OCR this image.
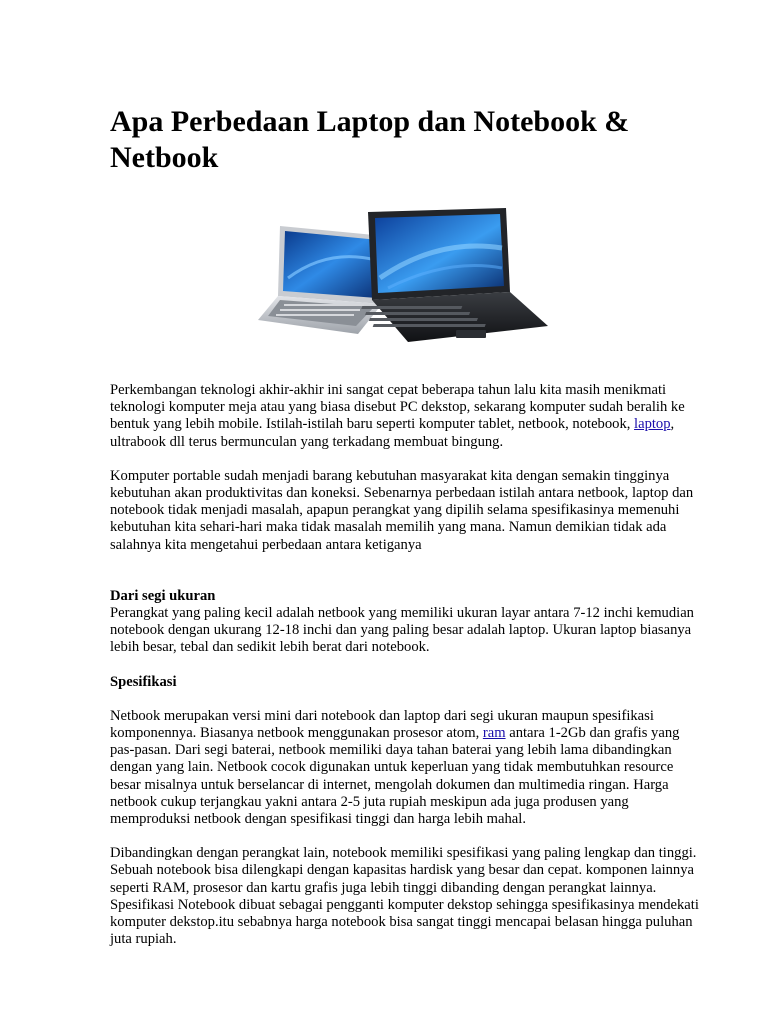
Apa Perbedaan Laptop dan Notebook & Netbook

Perkembangan teknologi akhir-akhir ini sangat cepat beberapa tahun lalu kita masih menikmati teknologi komputer meja atau yang biasa disebut PC dekstop, sekarang komputer sudah beralih ke bentuk yang lebih mobile. Istilah-istilah baru seperti komputer tablet, netbook, notebook, laptop, ultrabook dll terus bermunculan yang terkadang membuat bingung.

Komputer portable sudah menjadi barang kebutuhan masyarakat kita dengan semakin tingginya kebutuhan akan produktivitas dan koneksi. Sebenarnya perbedaan istilah antara netbook, laptop dan notebook tidak menjadi masalah, apapun perangkat yang dipilih selama spesifikasinya memenuhi kebutuhan kita sehari-hari maka tidak masalah memilih yang mana. Namun demikian tidak ada salahnya kita mengetahui perbedaan antara ketiganya

Dari segi ukuran

Perangkat yang paling kecil adalah netbook yang memiliki ukuran layar antara 7-12 inchi kemudian notebook dengan ukurang 12-18 inchi dan yang paling besar adalah laptop. Ukuran laptop biasanya lebih besar, tebal dan sedikit lebih berat dari notebook.

Spesifikasi

Netbook merupakan versi mini dari notebook dan laptop dari segi ukuran maupun spesifikasi komponennya. Biasanya netbook menggunakan prosesor atom, ram antara 1-2Gb dan grafis yang pas-pasan. Dari segi baterai, netbook memiliki daya tahan baterai yang lebih lama dibandingkan dengan yang lain. Netbook cocok digunakan untuk keperluan yang tidak membutuhkan resource besar misalnya untuk berselancar di internet, mengolah dokumen dan multimedia ringan. Harga netbook cukup terjangkau yakni antara 2-5 juta rupiah meskipun ada juga produsen yang memproduksi netbook dengan spesifikasi tinggi dan harga lebih mahal.

Dibandingkan dengan perangkat lain, notebook memiliki spesifikasi yang paling lengkap dan tinggi. Sebuah notebook bisa dilengkapi dengan kapasitas hardisk yang besar dan cepat. komponen lainnya seperti RAM, prosesor dan kartu grafis juga lebih tinggi dibanding dengan perangkat lainnya. Spesifikasi Notebook dibuat sebagai pengganti komputer dekstop sehingga spesifikasinya mendekati komputer dekstop.itu sebabnya harga notebook bisa sangat tinggi mencapai belasan hingga puluhan juta rupiah.
